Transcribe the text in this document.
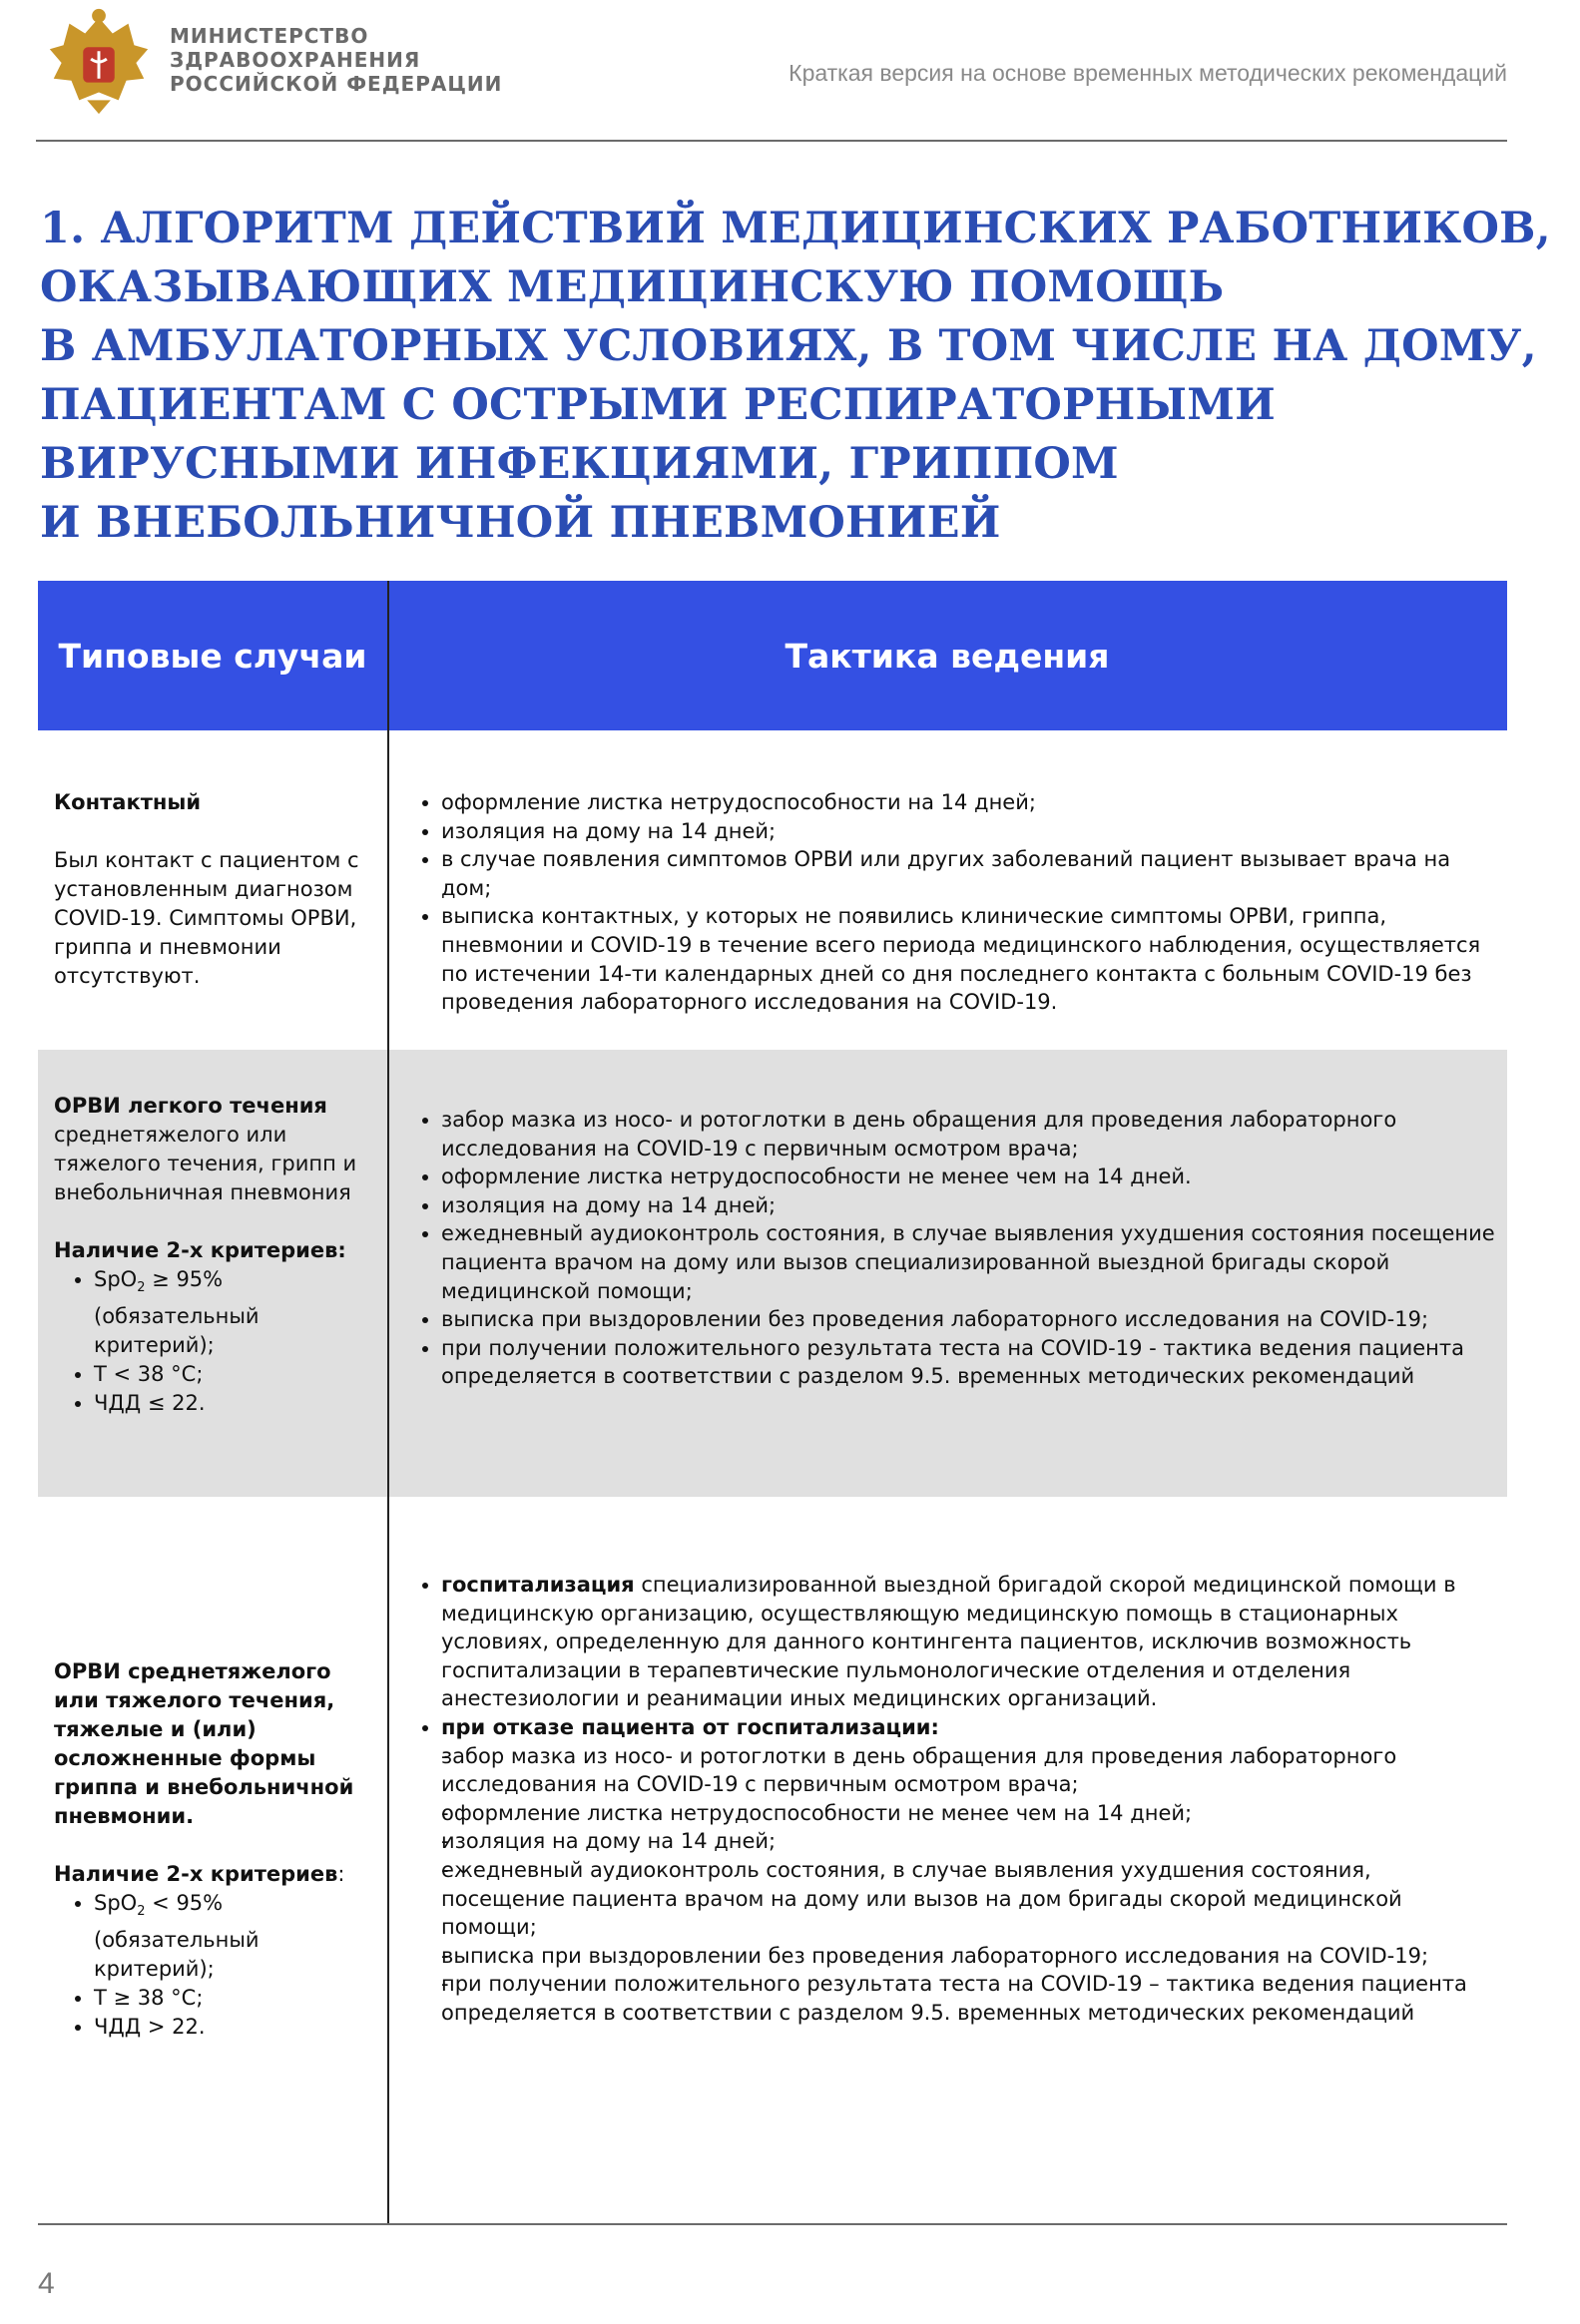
МИНИСТЕРСТВО
ЗДРАВООХРАНЕНИЯ
РОССИЙСКОЙ ФЕДЕРАЦИИ	Краткая версия на основе временных методических рекомендаций
1. АЛГОРИТМ ДЕЙСТВИЙ МЕДИЦИНСКИХ РАБОТНИКОВ,
ОКАЗЫВАЮЩИХ МЕДИЦИНСКУЮ ПОМОЩЬ
В АМБУЛАТОРНЫХ УСЛОВИЯХ, В ТОМ ЧИСЛЕ НА ДОМУ,
ПАЦИЕНТАМ С ОСТРЫМИ РЕСПИРАТОРНЫМИ
ВИРУСНЫМИ ИНФЕКЦИЯМИ, ГРИППОМ
И ВНЕБОЛЬНИЧНОЙ ПНЕВМОНИЕЙ
Типовые случаи	Тактика ведения
Контактный
Был контакт с пациентом с установленным диагнозом COVID-19. Симптомы ОРВИ, гриппа и пневмонии отсутствуют.
• оформление листка нетрудоспособности на 14 дней;
• изоляция на дому на 14 дней;
• в случае появления симптомов ОРВИ или других заболеваний пациент вызывает врача на дом;
• выписка контактных, у которых не появились клинические симптомы ОРВИ, гриппа, пневмонии и COVID-19 в течение всего периода медицинского наблюдения, осуществляется по истечении 14-ти календарных дней со дня последнего контакта с больным COVID-19 без проведения лабораторного исследования на COVID-19.
ОРВИ легкого течения
среднетяжелого или тяжелого течения, грипп и внебольничная пневмония
Наличие 2-х критериев:
• SpO$_2$ ≥ 95% (обязательный критерий);
• T < 38 °C;
• ЧДД ≤ 22.
• забор мазка из носо- и ротоглотки в день обращения для проведения лабораторного исследования на COVID-19 с первичным осмотром врача;
• оформление листка нетрудоспособности не менее чем на 14 дней.
• изоляция на дому на 14 дней;
• ежедневный аудиоконтроль состояния, в случае выявления ухудшения состояния посещение пациента врачом на дому или вызов специализированной выездной бригады скорой медицинской помощи;
• выписка при выздоровлении без проведения лабораторного исследования на COVID-19;
• при получении положительного результата теста на COVID-19 - тактика ведения пациента определяется в соответствии с разделом 9.5. временных методических рекомендаций
ОРВИ среднетяжелого или тяжелого течения, тяжелые и (или) осложненные формы гриппа и внебольничной пневмонии.
Наличие 2-х критериев:
• SpO$_2$ < 95% (обязательный критерий);
• T ≥ 38 °C;
• ЧДД > 22.
• госпитализация специализированной выездной бригадой скорой медицинской помощи в медицинскую организацию, осуществляющую медицинскую помощь в стационарных условиях, определенную для данного контингента пациентов, исключив возможность госпитализации в терапевтические пульмонологические отделения и отделения анестезиологии и реанимации иных медицинских организаций.
• при отказе пациента от госпитализации:
- забор мазка из носо- и ротоглотки в день обращения для проведения лабораторного исследования на COVID-19 с первичным осмотром врача;
- оформление листка нетрудоспособности не менее чем на 14 дней;
- изоляция на дому на 14 дней;
- ежедневный аудиоконтроль состояния, в случае выявления ухудшения состояния, посещение пациента врачом на дому или вызов на дом бригады скорой медицинской помощи;
- выписка при выздоровлении без проведения лабораторного исследования на COVID-19;
- при получении положительного результата теста на COVID-19 – тактика ведения пациента определяется в соответствии с разделом 9.5. временных методических рекомендаций
4
